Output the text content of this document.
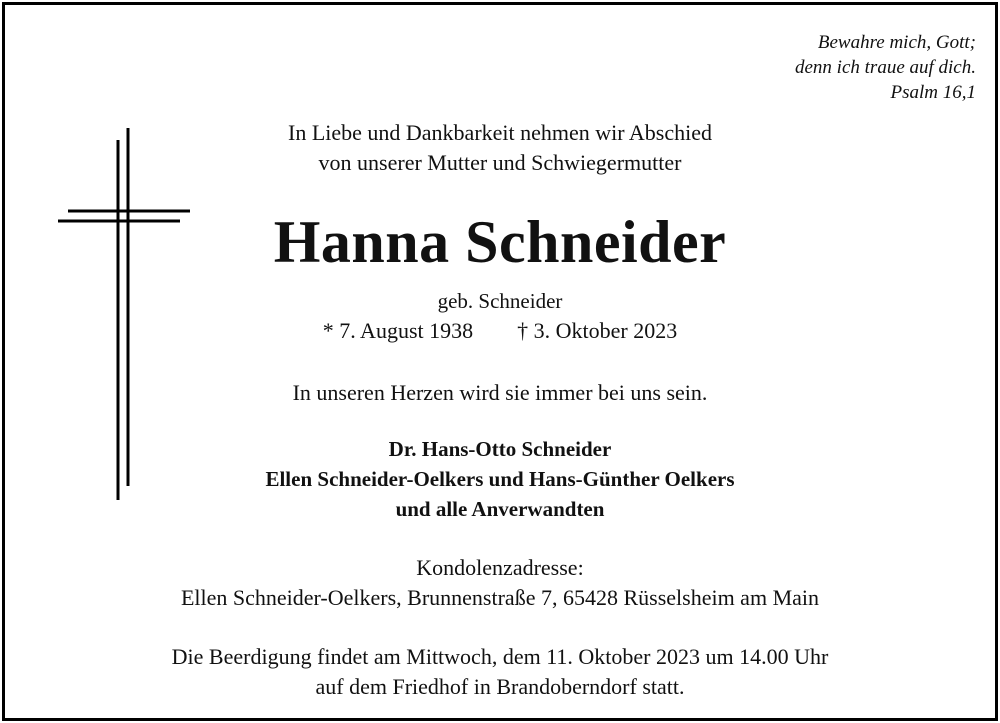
Bewahre mich, Gott;
denn ich traue auf dich.
Psalm 16,1
In Liebe und Dankbarkeit nehmen wir Abschied
von unserer Mutter und Schwiegermutter
Hanna Schneider
geb. Schneider
* 7. August 1938 † 3. Oktober 2023
In unseren Herzen wird sie immer bei uns sein.
Dr. Hans-Otto Schneider
Ellen Schneider-Oelkers und Hans-Günther Oelkers
und alle Anverwandten
Kondolenzadresse:
Ellen Schneider-Oelkers, Brunnenstraße 7, 65428 Rüsselsheim am Main
Die Beerdigung findet am Mittwoch, dem 11. Oktober 2023 um 14.00 Uhr
auf dem Friedhof in Brandoberndorf statt.
